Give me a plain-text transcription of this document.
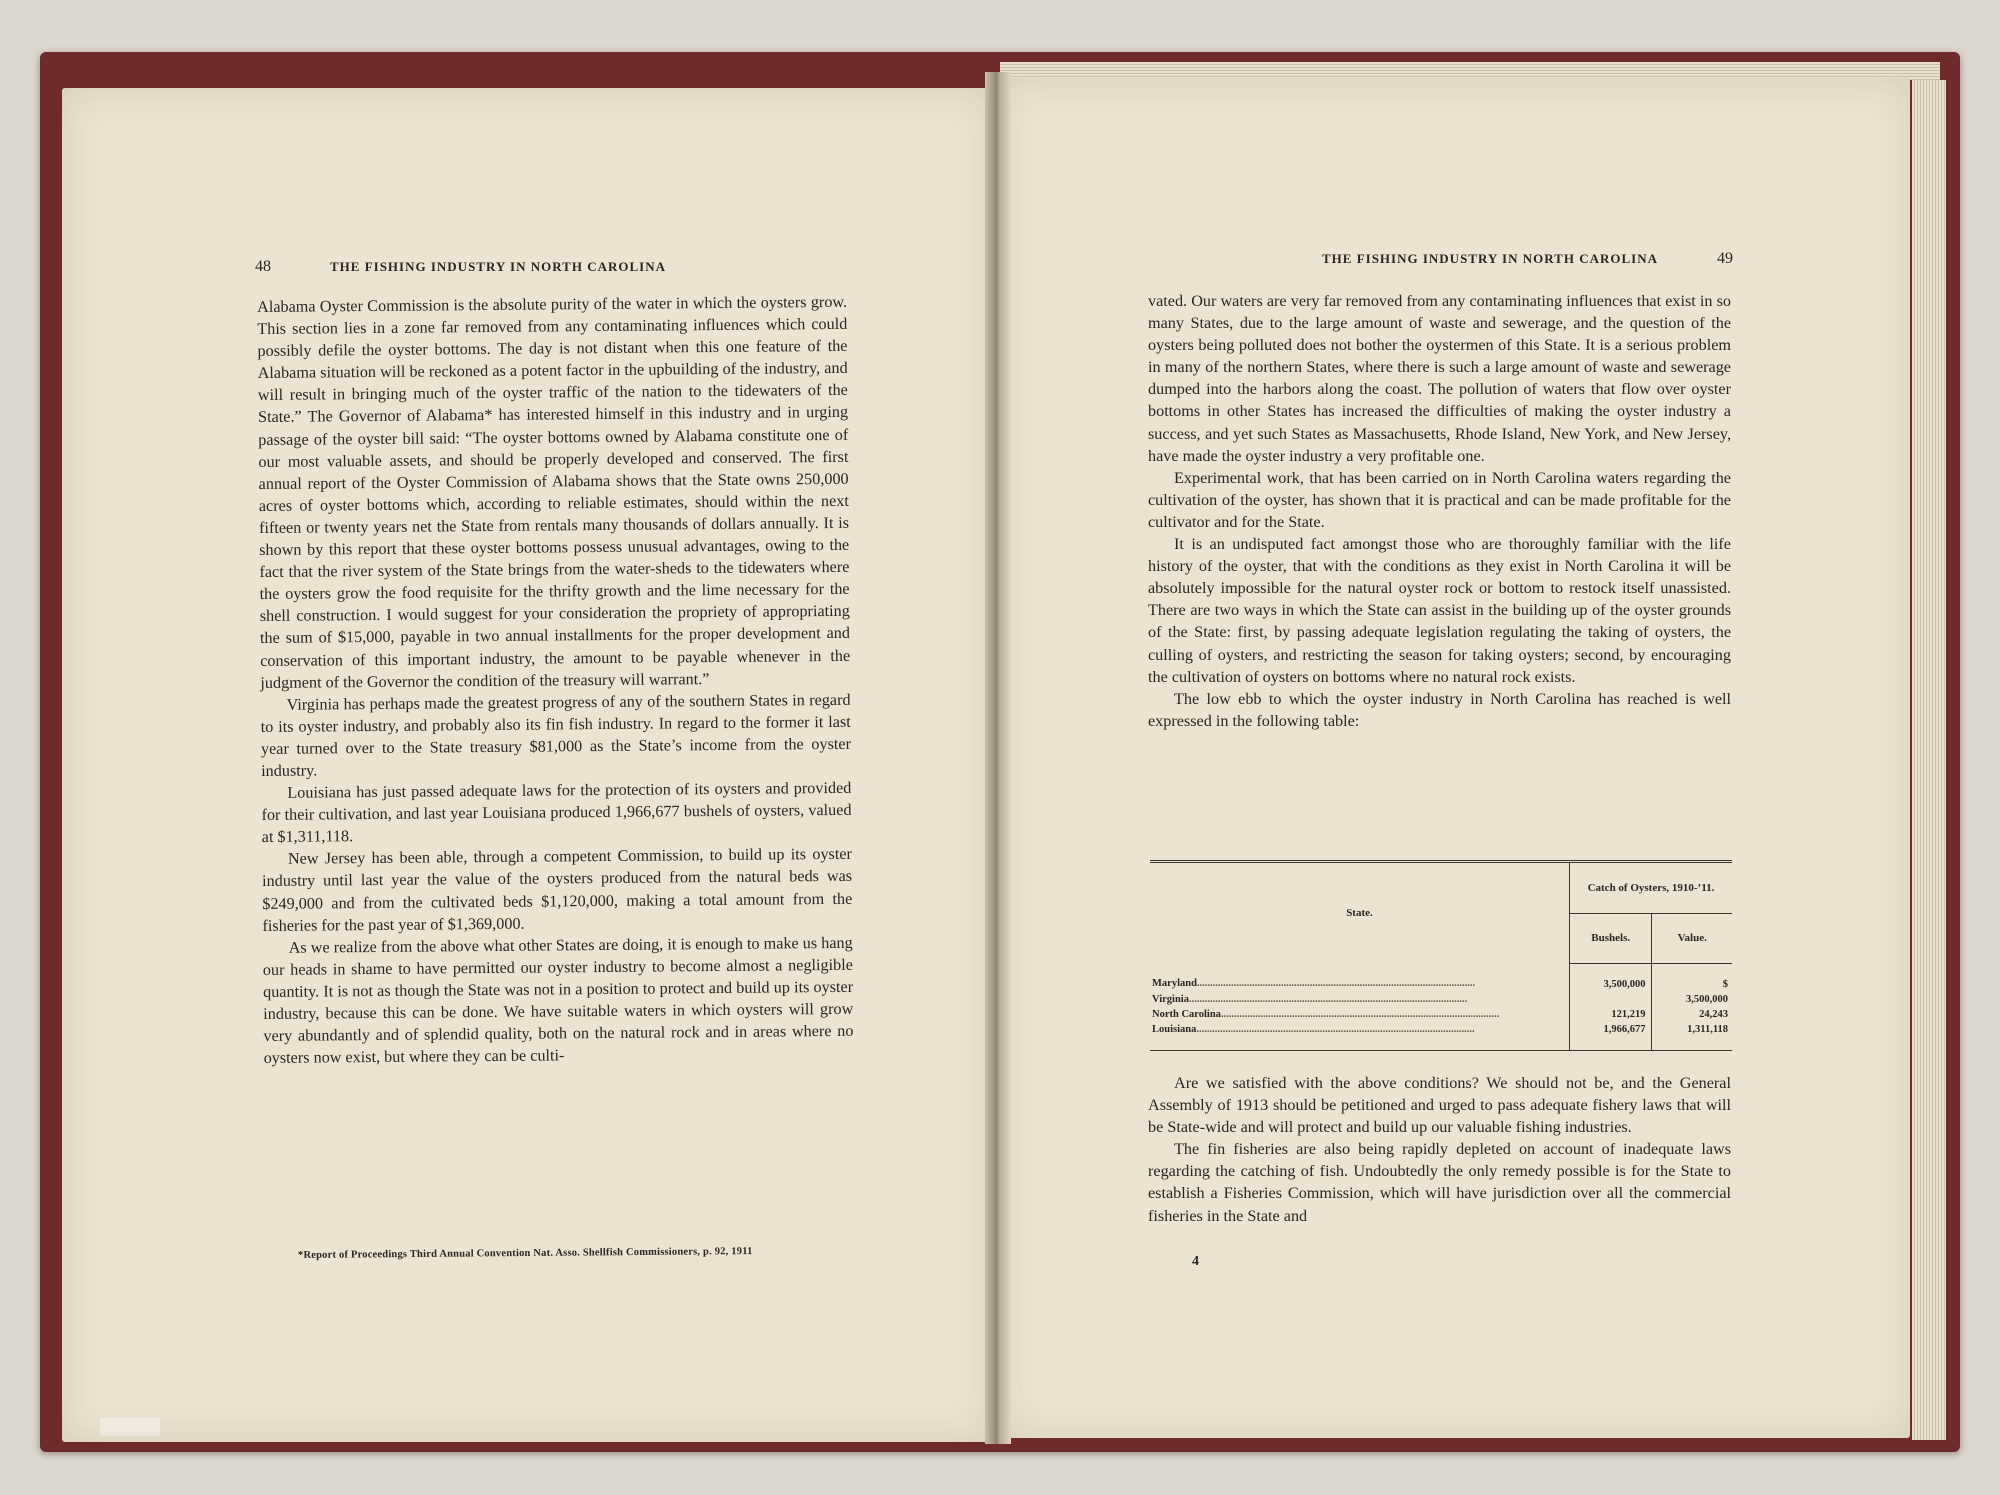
48	THE FISHING INDUSTRY IN NORTH CAROLINA

Alabama Oyster Commission is the absolute purity of the water in which the oysters grow. This section lies in a zone far removed from any contaminating influences which could possibly defile the oyster bottoms. The day is not distant when this one feature of the Alabama situation will be reckoned as a potent factor in the upbuilding of the industry, and will result in bringing much of the oyster traffic of the nation to the tidewaters of the State.” The Governor of Alabama* has interested himself in this industry and in urging passage of the oyster bill said: “The oyster bottoms owned by Alabama constitute one of our most valuable assets, and should be properly developed and conserved. The first annual report of the Oyster Commission of Alabama shows that the State owns 250,000 acres of oyster bottoms which, according to reliable estimates, should within the next fifteen or twenty years net the State from rentals many thousands of dollars annually. It is shown by this report that these oyster bottoms possess unusual advantages, owing to the fact that the river system of the State brings from the water-sheds to the tidewaters where the oysters grow the food requisite for the thrifty growth and the lime necessary for the shell construction. I would suggest for your consideration the propriety of appropriating the sum of $15,000, payable in two annual installments for the proper development and conservation of this important industry, the amount to be payable whenever in the judgment of the Governor the condition of the treasury will warrant.”

Virginia has perhaps made the greatest progress of any of the southern States in regard to its oyster industry, and probably also its fin fish industry. In regard to the former it last year turned over to the State treasury $81,000 as the State’s income from the oyster industry.

Louisiana has just passed adequate laws for the protection of its oysters and provided for their cultivation, and last year Louisiana produced 1,966,677 bushels of oysters, valued at $1,311,118.

New Jersey has been able, through a competent Commission, to build up its oyster industry until last year the value of the oysters produced from the natural beds was $249,000 and from the cultivated beds $1,120,000, making a total amount from the fisheries for the past year of $1,369,000.

As we realize from the above what other States are doing, it is enough to make us hang our heads in shame to have permitted our oyster industry to become almost a negligible quantity. It is not as though the State was not in a position to protect and build up its oyster industry, because this can be done. We have suitable waters in which oysters will grow very abundantly and of splendid quality, both on the natural rock and in areas where no oysters now exist, but where they can be culti-

*Report of Proceedings Third Annual Convention Nat. Asso. Shellfish Commissioners, p. 92, 1911
THE FISHING INDUSTRY IN NORTH CAROLINA	49

vated. Our waters are very far removed from any contaminating influences that exist in so many States, due to the large amount of waste and sewerage, and the question of the oysters being polluted does not bother the oystermen of this State. It is a serious problem in many of the northern States, where there is such a large amount of waste and sewerage dumped into the harbors along the coast. The pollution of waters that flow over oyster bottoms in other States has increased the difficulties of making the oyster industry a success, and yet such States as Massachusetts, Rhode Island, New York, and New Jersey, have made the oyster industry a very profitable one.

Experimental work, that has been carried on in North Carolina waters regarding the cultivation of the oyster, has shown that it is practical and can be made profitable for the cultivator and for the State.

It is an undisputed fact amongst those who are thoroughly familiar with the life history of the oyster, that with the conditions as they exist in North Carolina it will be absolutely impossible for the natural oyster rock or bottom to restock itself unassisted. There are two ways in which the State can assist in the building up of the oyster grounds of the State: first, by passing adequate legislation regulating the taking of oysters, the culling of oysters, and restricting the season for taking oysters; second, by encouraging the cultivation of oysters on bottoms where no natural rock exists.

The low ebb to which the oyster industry in North Carolina has reached is well expressed in the following table:

State.	Catch of Oysters, 1910-’11.	
	Bushels.	Value.
Maryland..........................................................................................................	3,500,000	$
Virginia..........................................................................................................		3,500,000
North Carolina..........................................................................................................	121,219	24,243
Louisiana..........................................................................................................	1,966,677	1,311,118

Are we satisfied with the above conditions? We should not be, and the General Assembly of 1913 should be petitioned and urged to pass adequate fishery laws that will be State-wide and will protect and build up our valuable fishing industries.

The fin fisheries are also being rapidly depleted on account of inadequate laws regarding the catching of fish. Undoubtedly the only remedy possible is for the State to establish a Fisheries Commission, which will have jurisdiction over all the commercial fisheries in the State and

4
